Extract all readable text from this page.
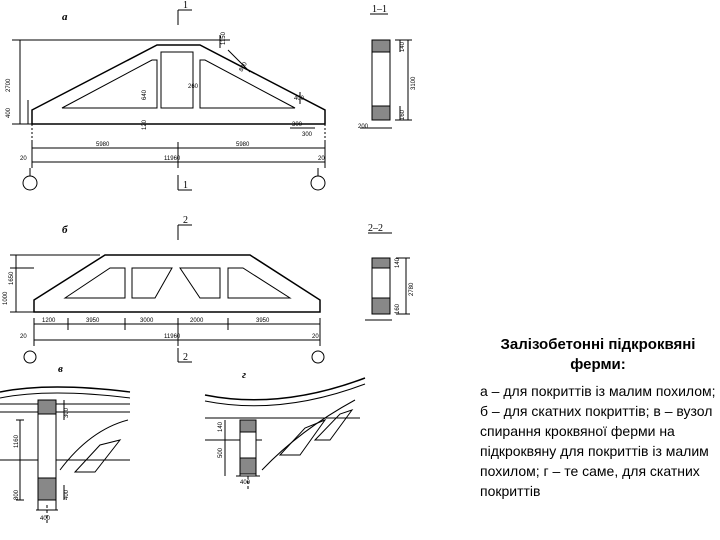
а
б
в	г
1
1
2
2
1–1
2–2
1150
2700
800
400
640
260
400
120
5980	5980
11960
20	20
300
300
140
3100
160
200
1650
1000
1200	3950	3000	2000	3950
11960
20	20
140
2780
160
1160
800
400
300
400
140
500
400

Залізобетонні підкроквяні ферми:

а – для покриттів із малим похилом; б – для скатних покриттів; в – вузол спирання кроквяної ферми на підкроквяну для покриттів із малим похилом; г – те саме, для скатних покриттів
